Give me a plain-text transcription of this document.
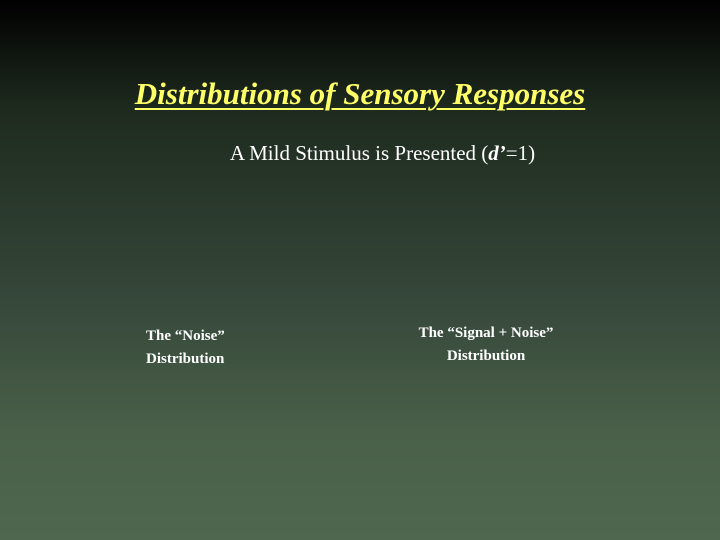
Distributions of Sensory Responses

A Mild Stimulus is Presented (d’=1)

The “Noise”
Distribution
The “Signal + Noise”
Distribution
